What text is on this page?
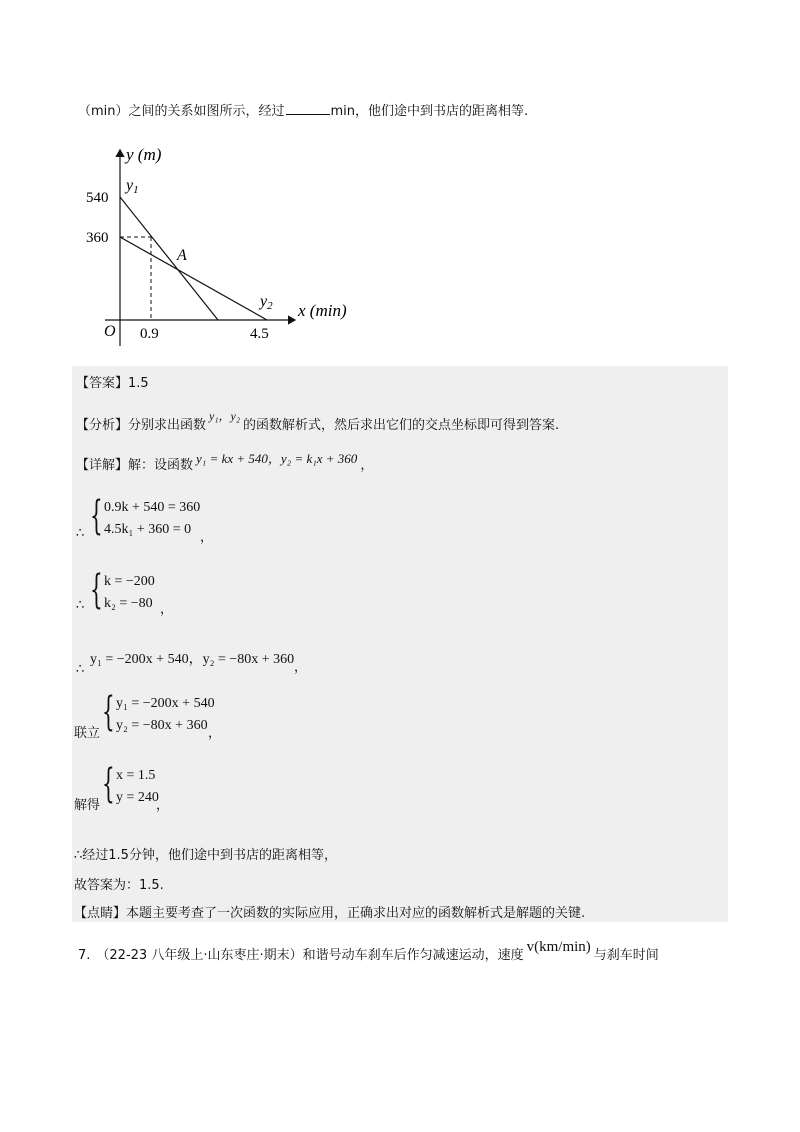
（min）之间的关系如图所示，经过	min，他们途中到书店的距离相等.
y (m)
x (min)
540
360
O 0.9	4.5
y1
y2
A
【答案】1.5
【分析】分别求出函数y₁，y₂的函数解析式，然后求出它们的交点坐标即可得到答案.
【详解】解：设函数 y₁ = kx + 540，y₂ = k₁x + 360 ，
∴ { 0.9k + 540 = 360
4.5k₁ + 360 = 0
，
∴ { k = −200
k₂ = −80 ，
∴
y₁ = −200x + 540，y₂ = −80x + 360
，
联立 { y₁ = −200x + 540
y₂ = −80x + 360
，
解得 { x = 1.5
y = 240
，
∴经过1.5分钟，他们途中到书店的距离相等，
故答案为：1.5.
【点睛】本题主要考查了一次函数的实际应用，正确求出对应的函数解析式是解题的关键.
7. （22-23 八年级上·山东枣庄·期末）和谐号动车刹车后作匀减速运动，速度v(km/min)与刹车时间
